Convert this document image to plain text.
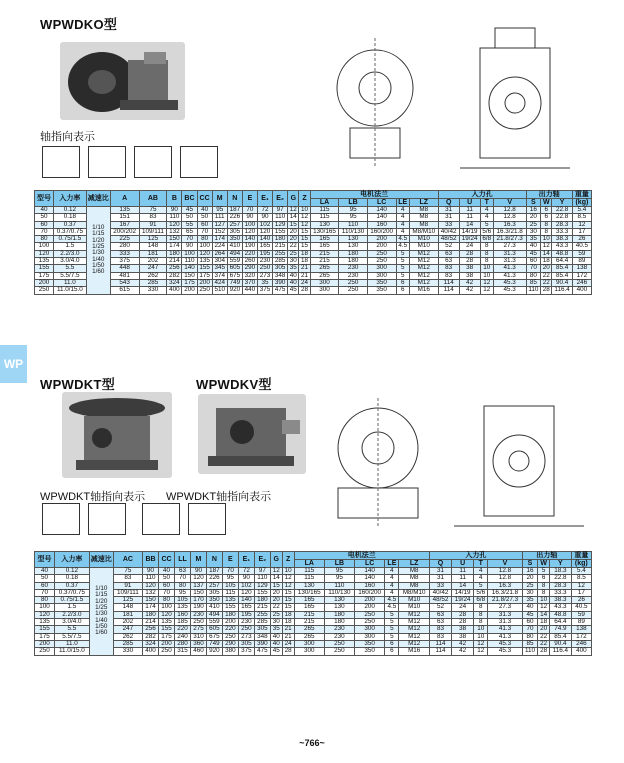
WP
WPWDKO型
轴指向表示
型号	入力率	减速比	A	AB	B	BC	CC	M	N	E	E₁	E₂	G	Z	电机法兰					入力孔				出力轴			重量
															LA	LB	LC	LE	LZ	Q	U	T	V	S	W	Y	(kg)
40	0.12	1/10 1/15 1/20 1/25 1/30 1/40 1/50 1/60	135	75	90	45	40	95	187	70	72	97	12	10	115	95	140	4	M8	31	11	4	12.8	16	6	22.8	5.4
50	0.18		151	83	110	50	50	111	226	90	90	110	14	12	115	95	140	4	M8	31	11	4	12.8	20	6	22.8	8.5
60	0.37		167	91	120	55	60	127	257	100	102	129	15	12	130	110	160	4	M8	33	14	5	16.3	25	8	28.3	12
70	0.37/0.75		200/202	109/111	132	65	70	152	305	120	120	155	20	15	130/165	110/130	160/200	4	M8/M10	40/42	14/19	5/6	16.3/21.8	30	8	33.3	17
80	0.75/1.5		225	125	150	70	80	174	350	140	140	180	20	15	165	130	200	4.5	M10	48/52	19/24	6/8	21.8/27.3	35	10	38.3	26
100	1.5		280	148	174	90	100	224	410	190	165	215	22	15	165	130	200	4.5	M10	52	24	8	27.3	40	12	43.3	40.5
120	2.2/3.0		333	181	180	100	120	264	494	220	195	255	25	18	215	180	250	5	M12	63	28	8	31.3	45	14	48.8	59
135	3.0/4.0		375	202	214	110	135	304	559	260	230	285	30	18	215	180	250	5	M12	63	28	8	31.3	60	18	64.4	89
155	5.5		448	247	256	140	155	345	605	290	250	305	35	21	265	230	300	5	M12	83	38	10	41.3	70	20	85.4	138
175	5.5/7.5		481	262	282	150	175	374	675	320	273	348	40	21	265	230	300	5	M12	83	38	10	41.3	80	22	85.4	172
200	11.0		543	285	324	175	200	424	749	370	35	390	40	24	300	250	350	6	M12	114	42	12	45.3	85	22	90.4	246
250	11.0/15.0		615	330	400	200	250	510	920	440	375	475	45	28	300	250	350	6	M16	114	42	12	45.3	110	28	116.4	400
WPWDKT型	WPWDKV型
WPWDKT轴指向表示 WPWDKT轴指向表示
型号	入力率	减速比	AC	BB	CC	LL	M	N	E	E₁	E₂	G	Z	电机法兰					入力孔				出力轴			重量
														LA	LB	LC	LE	LZ	Q	U	T	V	S	W	Y	(kg)
40	0.12	1/10 1/15 1/20 1/25 1/30 1/40 1/50 1/60	75	90	40	63	90	187	70	72	97	12	10	115	95	140	4	M8	31	11	4	12.8	16	5	18.3	5.4
50	0.18		83	110	50	70	120	226	95	90	110	14	12	115	95	140	4	M8	31	11	4	12.8	20	6	22.8	8.5
60	0.37		91	120	60	80	137	257	105	102	129	15	12	130	110	160	4	M8	33	14	5	16.3	25	8	28.3	12
70	0.37/0.75		109/111	132	70	95	150	305	115	120	155	20	15	130/165	110/130	160/200	4	M8/M10	40/42	14/19	5/6	16.3/21.8	30	8	33.3	17
80	0.75/1.5		125	150	80	105	170	350	135	140	180	20	15	165	130	200	4.5	M10	48/52	19/24	6/8	21.8/27.3	35	10	38.3	26
100	1.5		148	174	100	135	190	410	155	165	215	22	15	165	130	200	4.5	M10	52	24	8	27.3	40	12	43.3	40.5
120	2.2/3.0		181	180	120	160	230	494	180	195	255	25	18	215	180	250	5	M12	63	28	8	31.3	45	14	48.8	59
135	3.0/4.0		202	214	135	185	250	559	200	230	285	30	18	215	180	250	5	M12	63	28	8	31.3	60	18	64.4	89
155	5.5		247	256	155	220	275	605	220	250	305	35	21	265	230	300	5	M12	83	38	10	41.3	70	20	74.9	138
175	5.5/7.5		262	282	175	240	310	675	250	273	348	40	21	265	230	300	5	M12	83	38	10	41.3	80	22	85.4	172
200	11.0		285	324	200	280	360	749	290	305	390	40	24	300	250	350	6	M12	114	42	12	45.3	85	22	90.4	246
250	11.0/15.0		330	400	250	315	460	920	380	375	475	45	28	300	250	350	6	M16	114	42	12	45.3	110	28	116.4	400
~766~
